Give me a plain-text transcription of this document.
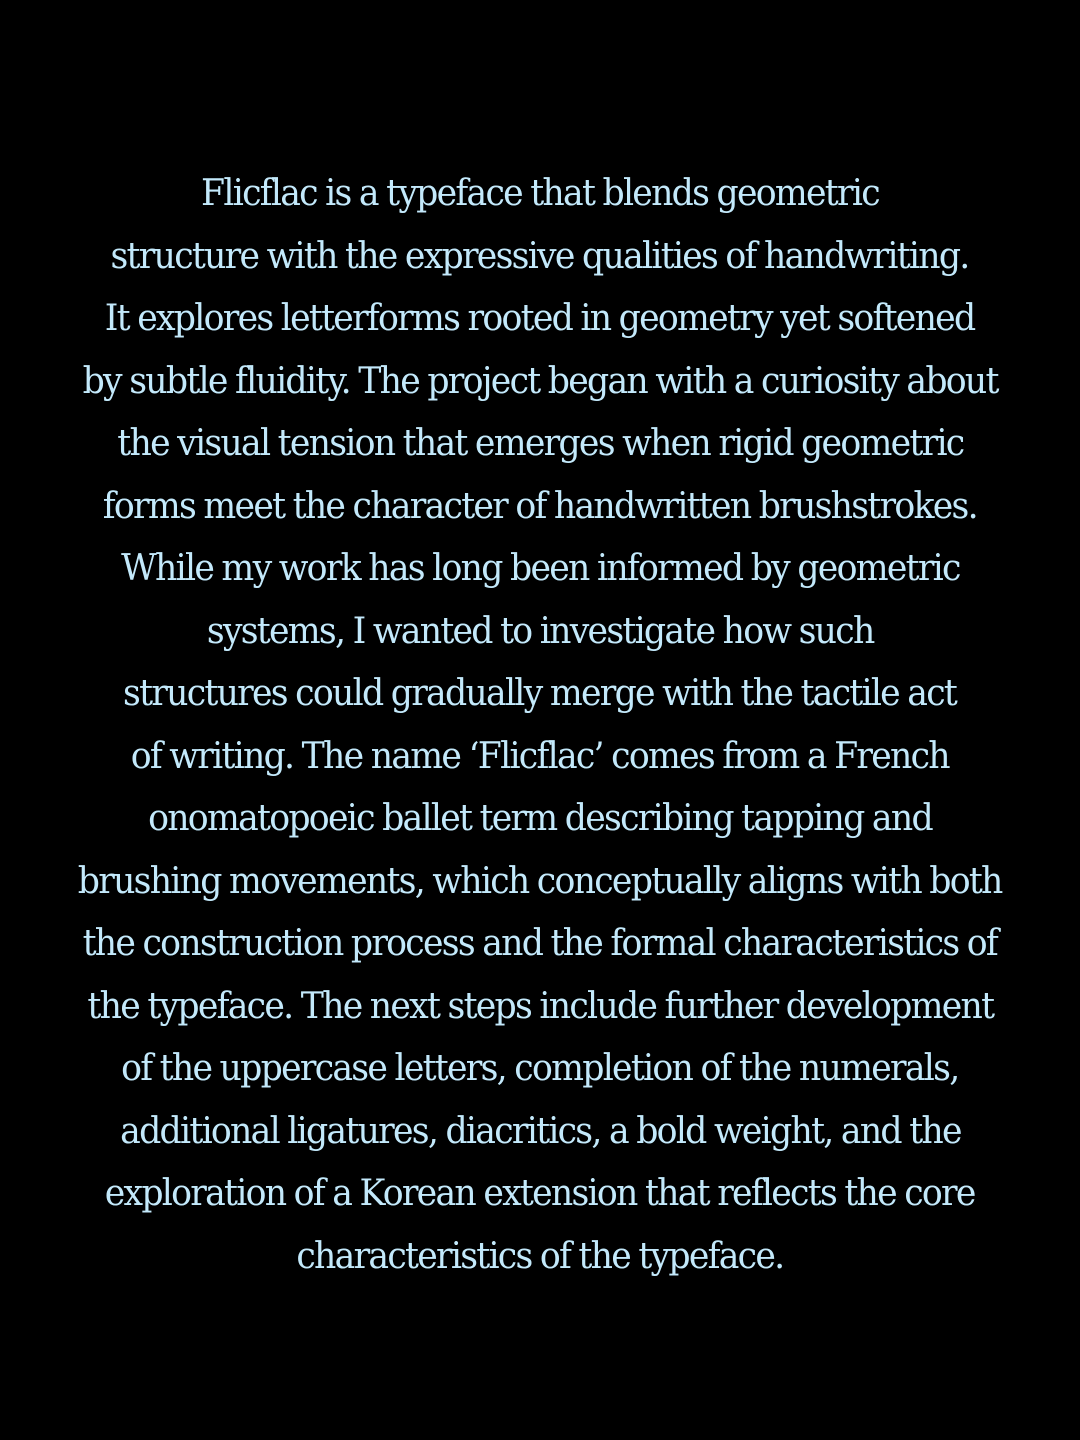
Flicflac is a typeface that blends geometric
structure with the expressive qualities of handwriting.
It explores letterforms rooted in geometry yet softened
by subtle fluidity. The project began with a curiosity about
the visual tension that emerges when rigid geometric
forms meet the character of handwritten brushstrokes.
While my work has long been informed by geometric
systems, I wanted to investigate how such
structures could gradually merge with the tactile act
of writing. The name ‘Flicflac’ comes from a French
onomatopoeic ballet term describing tapping and
brushing movements, which conceptually aligns with both
the construction process and the formal characteristics of
the typeface. The next steps include further development
of the uppercase letters, completion of the numerals,
additional ligatures, diacritics, a bold weight, and the
exploration of a Korean extension that reflects the core
characteristics of the typeface.
